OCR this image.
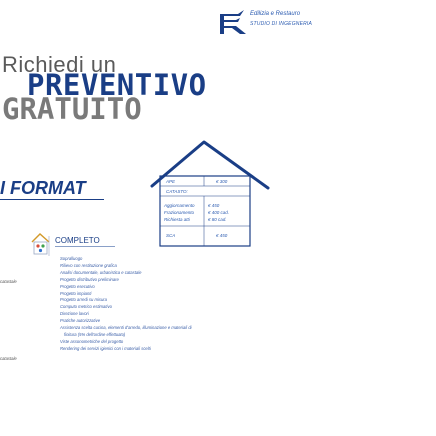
Edilizia e Restauro
STUDIO DI INGEGNERIA
Richiedi un
PREVENTIVO
GRATUITO
I FORMAT	APE	€ 300
CATASTO:
Aggiornamento	€ 450
Frazionamento	€ 400 cad.
Richiesta atti	€ 80 cad.
SCA	€ 450
COMPLETO
catastale
catastale
Sopralluogo
Rilievo con restituzione grafica
Analisi documentale, urbanistica e catastale
Progetto distributivo preliminare
Progetto esecutivo
Progetto impianti
Progetto arredi su misura
Computo metrico estimativo
Direzione lavori
Pratiche autorizzative
Assistenza scelta cucina, elementi d'arredo, illuminazione e materiali di
finitura (5% dell'ordine effettuato)
Viste assonometriche del progetto
Rendering dei servizi igienici con i materiali scelti
